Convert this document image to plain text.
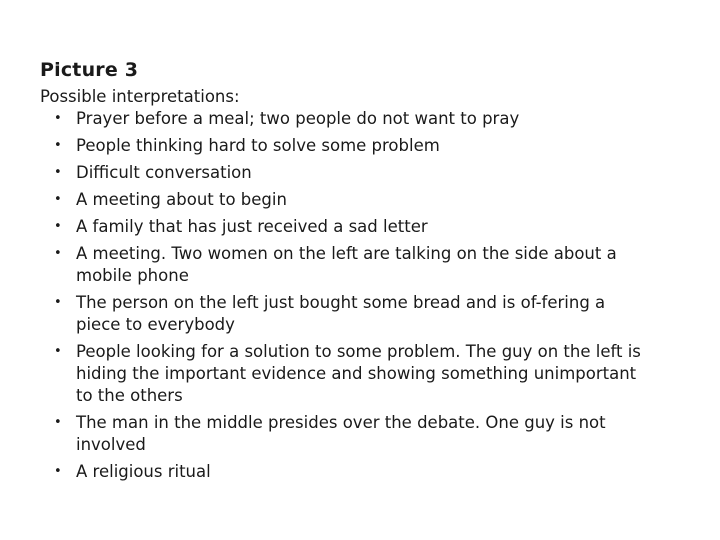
Picture 3

Possible interpretations:

• Prayer before a meal; two people do not want to pray
• People thinking hard to solve some problem
• Difficult conversation
• A meeting about to begin
• A family that has just received a sad letter
• A meeting. Two women on the left are talking on the side about a mobile phone
• The person on the left just bought some bread and is of-fering a piece to everybody
• People looking for a solution to some problem. The guy on the left is hiding the important evidence and showing something unimportant to the others
• The man in the middle presides over the debate. One guy is not involved
• A religious ritual
